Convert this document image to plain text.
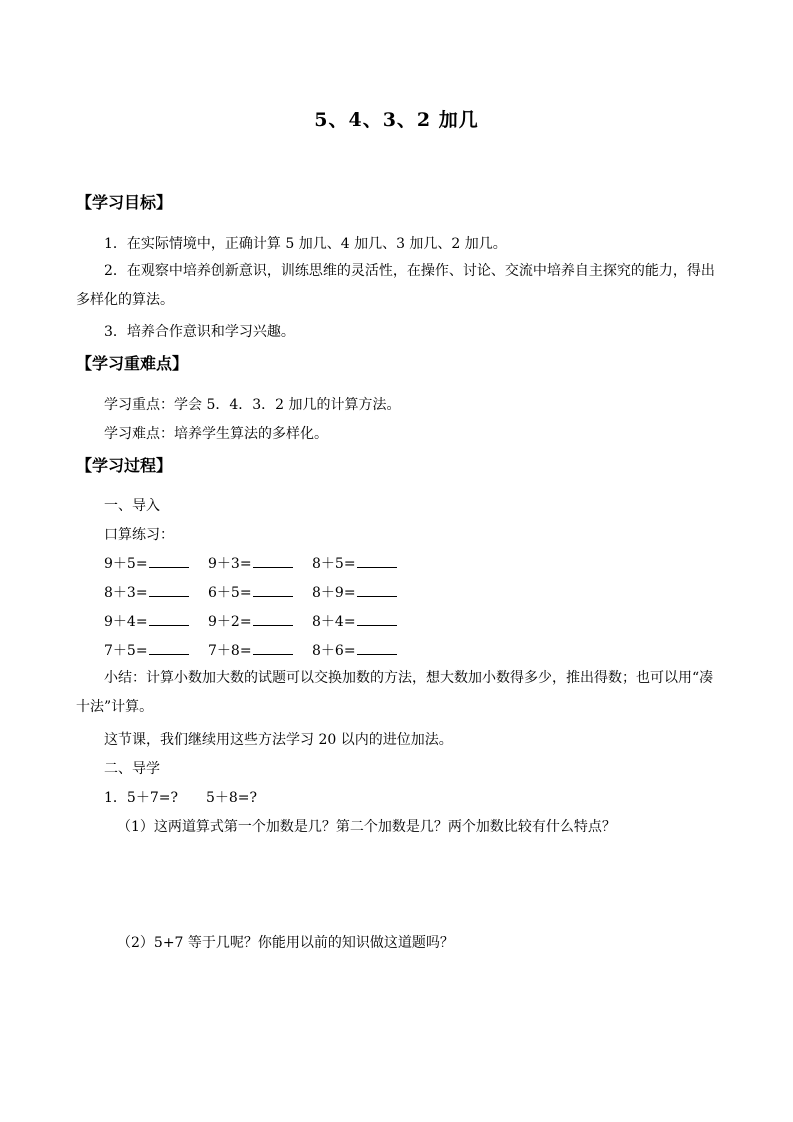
5、4、3、2 加几
【学习目标】
1．在实际情境中，正确计算 5 加几、4 加几、3 加几、2 加几。
2．在观察中培养创新意识，训练思维的灵活性，在操作、讨论、交流中培养自主探究的能力，得出多样化的算法。
3．培养合作意识和学习兴趣。
【学习重难点】
学习重点：学会 5．4．3．2 加几的计算方法。
学习难点：培养学生算法的多样化。
【学习过程】
一、导入
口算练习：
9＋5=	9＋3=	8＋5=
8＋3=	6＋5=	8＋9=
9＋4=	9＋2=	8＋4=
7＋5=	7＋8=	8＋6=
小结：计算小数加大数的试题可以交换加数的方法，想大数加小数得多少，推出得数；也可以用“凑十法”计算。
这节课，我们继续用这些方法学习 20 以内的进位加法。
二、导学
1．5＋7=?　　5＋8=?
（1）这两道算式第一个加数是几？第二个加数是几？两个加数比较有什么特点？
（2）5+7 等于几呢？你能用以前的知识做这道题吗？
